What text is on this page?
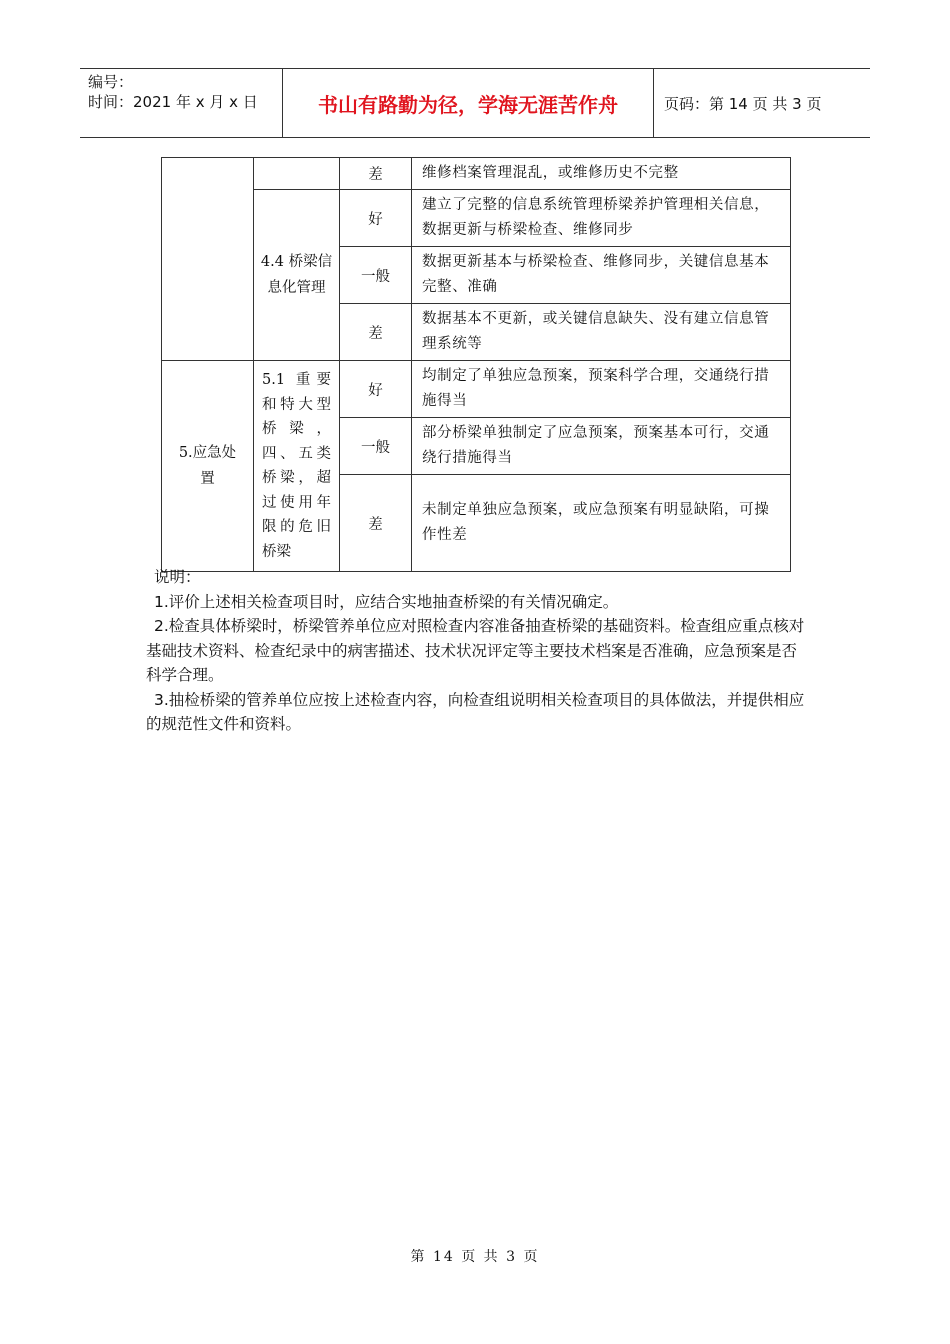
编号：
时间：2021 年 x 月 x 日	书山有路勤为径，学海无涯苦作舟	页码：第 14 页 共 3 页
		差	维修档案管理混乱，或维修历史不完整

	4.4 桥梁信息化管理	好	建立了完整的信息系统管理桥梁养护管理相关信息，数据更新与桥梁检查、维修同步
		一般	数据更新基本与桥梁检查、维修同步，关键信息基本完整、准确
		差	数据基本不更新，或关键信息缺失、没有建立信息管理系统等

5.应急处置	5.1 重要和特大型桥梁，四、五类桥梁，超过使用年限的危旧桥梁	好	均制定了单独应急预案，预案科学合理，交通绕行措施得当
		一般	部分桥梁单独制定了应急预案，预案基本可行，交通绕行措施得当
		差	未制定单独应急预案，或应急预案有明显缺陷，可操作性差

说明：

1.评价上述相关检查项目时，应结合实地抽查桥梁的有关情况确定。

2.检查具体桥梁时，桥梁管养单位应对照检查内容准备抽查桥梁的基础资料。检查组应重点核对基础技术资料、检查纪录中的病害描述、技术状况评定等主要技术档案是否准确，应急预案是否科学合理。

3.抽检桥梁的管养单位应按上述检查内容，向检查组说明相关检查项目的具体做法，并提供相应的规范性文件和资料。

第 14 页 共 3 页
